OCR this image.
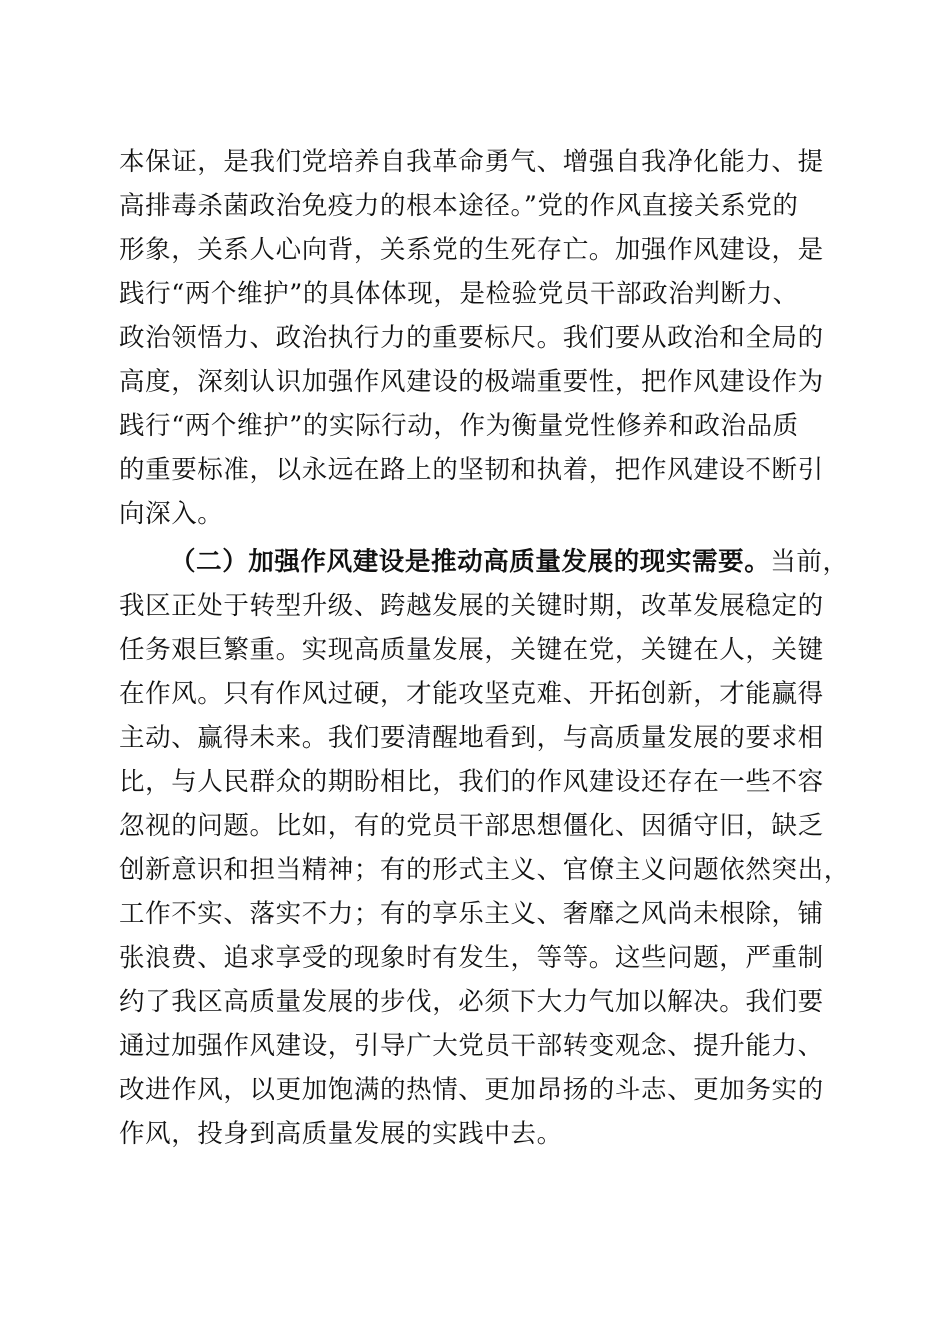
本保证，是我们党培养自我革命勇气、增强自我净化能力、提
高排毒杀菌政治免疫力的根本途径。”党的作风直接关系党的
形象，关系人心向背，关系党的生死存亡。加强作风建设，是
践行“两个维护”的具体体现，是检验党员干部政治判断力、
政治领悟力、政治执行力的重要标尺。我们要从政治和全局的
高度，深刻认识加强作风建设的极端重要性，把作风建设作为
践行“两个维护”的实际行动，作为衡量党性修养和政治品质
的重要标准，以永远在路上的坚韧和执着，把作风建设不断引
向深入。
（二）加强作风建设是推动高质量发展的现实需要。当前，
我区正处于转型升级、跨越发展的关键时期，改革发展稳定的
任务艰巨繁重。实现高质量发展，关键在党，关键在人，关键
在作风。只有作风过硬，才能攻坚克难、开拓创新，才能赢得
主动、赢得未来。我们要清醒地看到，与高质量发展的要求相
比，与人民群众的期盼相比，我们的作风建设还存在一些不容
忽视的问题。比如，有的党员干部思想僵化、因循守旧，缺乏
创新意识和担当精神；有的形式主义、官僚主义问题依然突出，
工作不实、落实不力；有的享乐主义、奢靡之风尚未根除，铺
张浪费、追求享受的现象时有发生，等等。这些问题，严重制
约了我区高质量发展的步伐，必须下大力气加以解决。我们要
通过加强作风建设，引导广大党员干部转变观念、提升能力、
改进作风，以更加饱满的热情、更加昂扬的斗志、更加务实的
作风，投身到高质量发展的实践中去。
